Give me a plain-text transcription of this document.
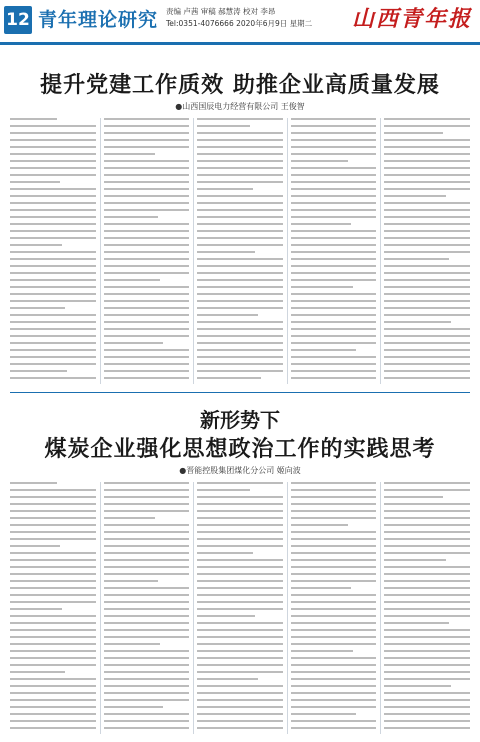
12 青年理论研究 责编 卢茜 审稿 郝慧涛 校对 李昂
Tel:0351-4076666 2020年6月9日 星期二 山西青年报
提升党建工作质效 助推企业高质量发展
●山西国辰电力经营有限公司 王俊智
新形势下
煤炭企业强化思想政治工作的实践思考
●晋能控股集团煤化分公司 姬向波
